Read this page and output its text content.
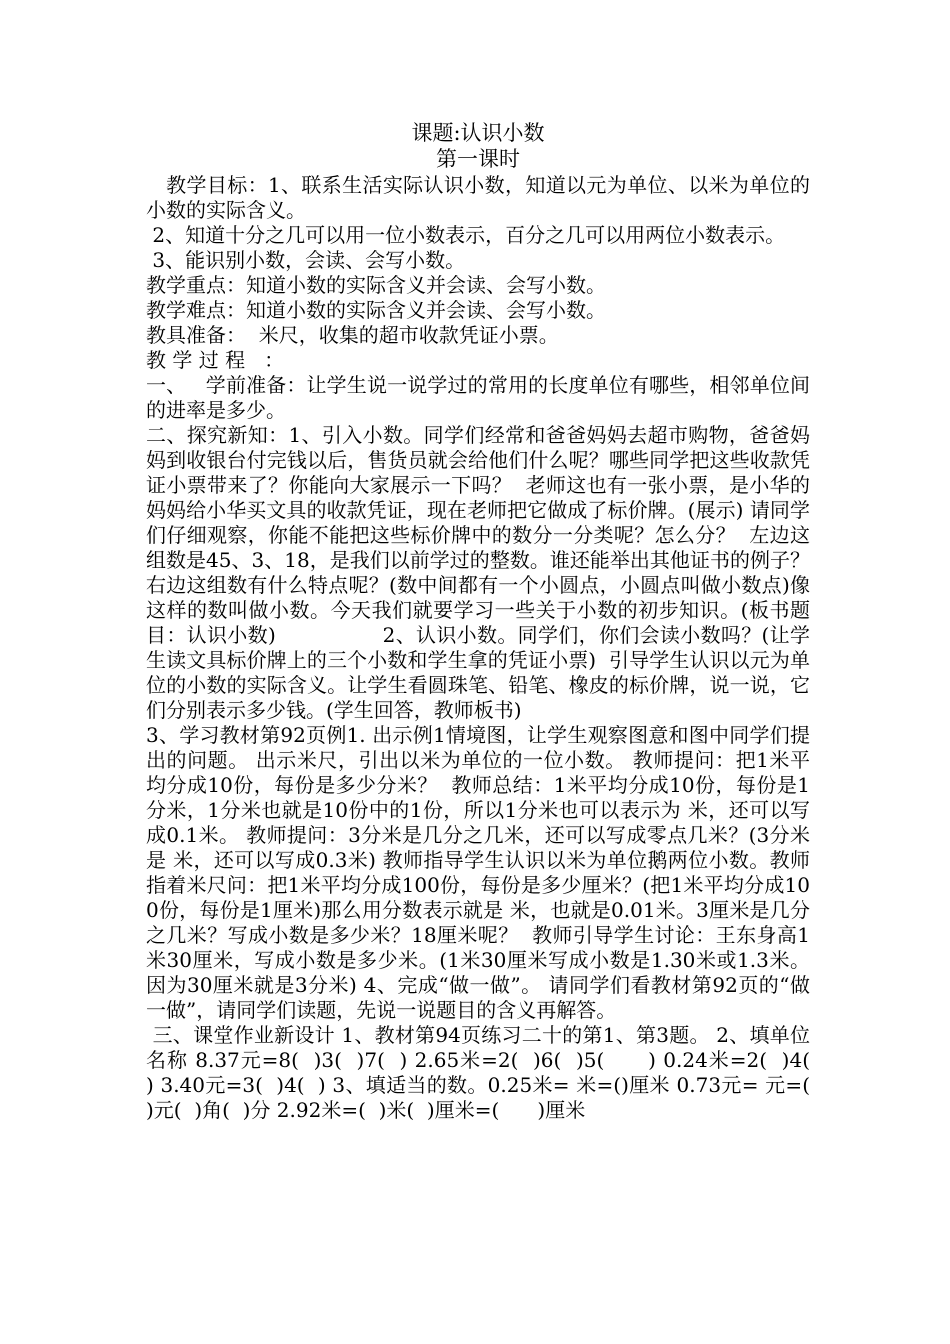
课题:认识小数

第一课时

教学目标：1、联系生活实际认识小数，知道以元为单位、以米为单位的小数的实际含义。

2、知道十分之几可以用一位小数表示，百分之几可以用两位小数表示。

3、能识别小数，会读、会写小数。

教学重点：知道小数的实际含义并会读、会写小数。

教学难点：知道小数的实际含义并会读、会写小数。

教具准备：  米尺，收集的超市收款凭证小票。

教 学 过 程   ：

一、   学前准备：让学生说一说学过的常用的长度单位有哪些，相邻单位间的进率是多少。

二、探究新知：1、引入小数。同学们经常和爸爸妈妈去超市购物，爸爸妈妈到收银台付完钱以后，售货员就会给他们什么呢？哪些同学把这些收款凭证小票带来了？你能向大家展示一下吗？  老师这也有一张小票，是小华的妈妈给小华买文具的收款凭证，现在老师把它做成了标价牌。(展示) 请同学们仔细观察，你能不能把这些标价牌中的数分一分类呢？怎么分？  左边这组数是45、3、18，是我们以前学过的整数。谁还能举出其他证书的例子？右边这组数有什么特点呢？(数中间都有一个小圆点，小圆点叫做小数点)像这样的数叫做小数。今天我们就要学习一些关于小数的初步知识。(板书题目：认识小数)                2、认识小数。同学们，你们会读小数吗？(让学生读文具标价牌上的三个小数和学生拿的凭证小票)  引导学生认识以元为单位的小数的实际含义。让学生看圆珠笔、铅笔、橡皮的标价牌，说一说，它们分别表示多少钱。(学生回答，教师板书)

3、学习教材第92页例1. 出示例1情境图，让学生观察图意和图中同学们提出的问题。 出示米尺，引出以米为单位的一位小数。 教师提问：把1米平均分成10份，每份是多少分米？  教师总结：1米平均分成10份，每份是1分米，1分米也就是10份中的1份，所以1分米也可以表示为 米，还可以写成0.1米。 教师提问：3分米是几分之几米，还可以写成零点几米？(3分米是 米，还可以写成0.3米) 教师指导学生认识以米为单位鹅两位小数。教师指着米尺问：把1米平均分成100份，每份是多少厘米？(把1米平均分成100份，每份是1厘米)那么用分数表示就是 米，也就是0.01米。3厘米是几分之几米？写成小数是多少米？18厘米呢？  教师引导学生讨论：王东身高1米30厘米，写成小数是多少米。(1米30厘米写成小数是1.30米或1.3米。因为30厘米就是3分米) 4、完成“做一做”。 请同学们看教材第92页的“做一做”，请同学们读题，先说一说题目的含义再解答。

三、课堂作业新设计 1、教材第94页练习二十的第1、第3题。 2、填单位名称 8.37元=8(  )3(  )7(  ) 2.65米=2(  )6(  )5(      ) 0.24米=2(  )4(      ) 3.40元=3(  )4(  ) 3、填适当的数。0.25米= 米=()厘米 0.73元= 元=(  )元(  )角(  )分 2.92米=(  )米(  )厘米=(      )厘米
